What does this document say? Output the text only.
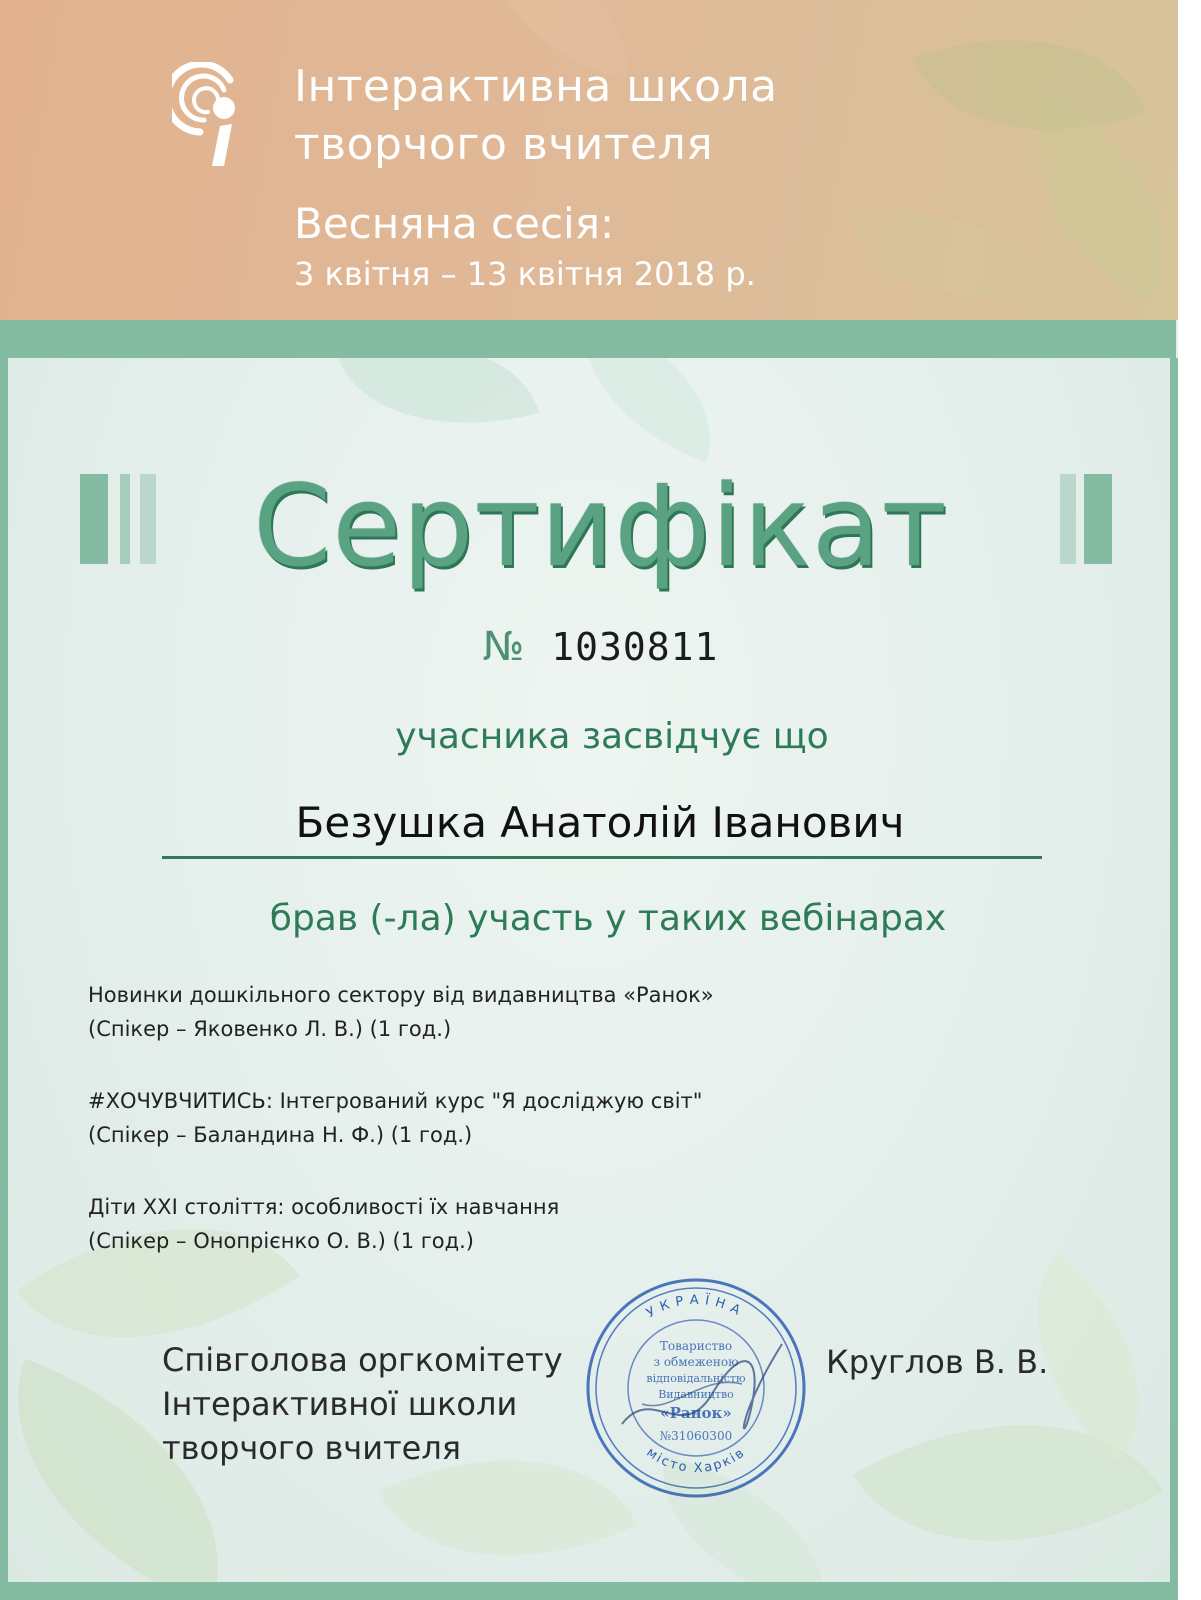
Інтерактивна школа
творчого вчителя
Весняна сесія:
3 квітня – 13 квітня 2018 р.
Сертифікат
№ 1030811
учасника засвідчує що
Безушка Анатолій Іванович
брав (-ла) участь у таких вебінарах
Новинки дошкільного сектору від видавництва «Ранок»
(Спікер – Яковенко Л. В.) (1 год.)
#ХОЧУВЧИТИСЬ: Інтегрований курс "Я досліджую світ"
(Спікер – Баландина Н. Ф.) (1 год.)
Діти XXI століття: особливості їх навчання
(Спікер – Онопрієнко О. В.) (1 год.)
Співголова оргкомітету
Інтерактивної школи
творчого вчителя
Круглов В. В.
УКРАЇНА
місто Харків
Товариство
з обмеженою
відповідальністю
Видавництво
«Ранок»
№31060300
